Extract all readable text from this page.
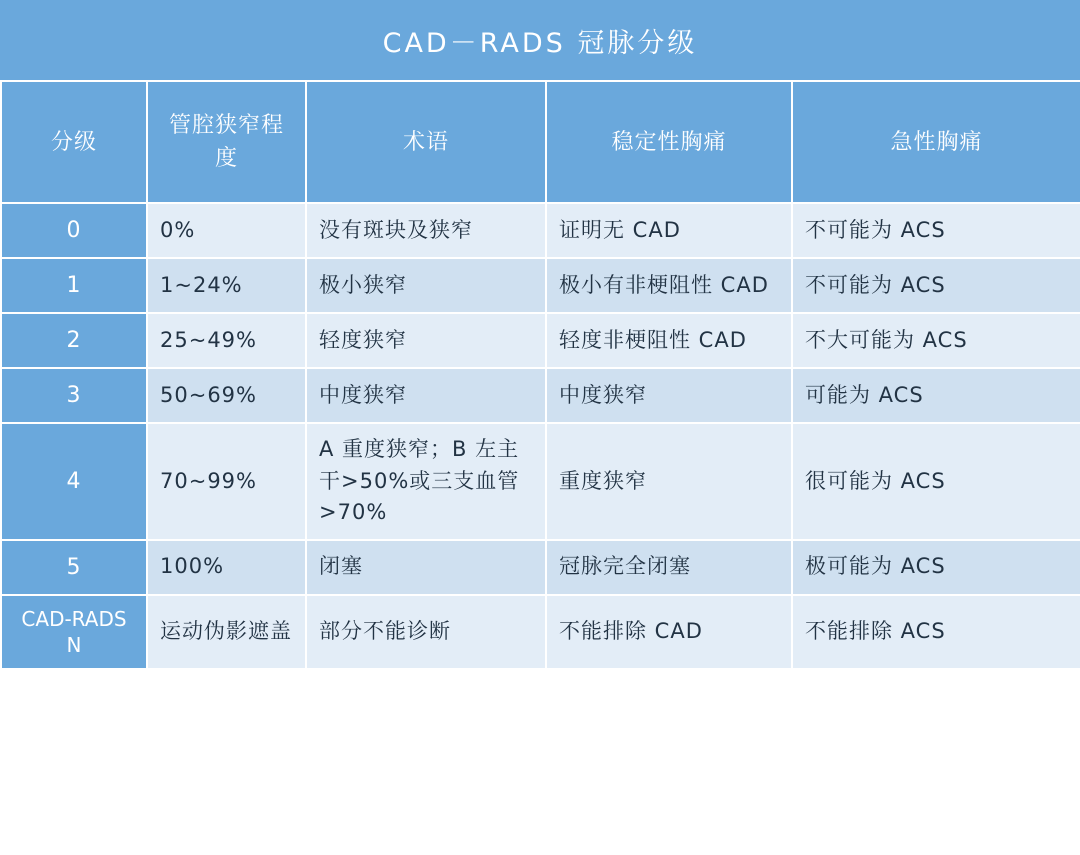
CAD－RADS 冠脉分级
分级	管腔狭窄程度	术语	稳定性胸痛	急性胸痛
0	0%	没有斑块及狭窄	证明无 CAD	不可能为 ACS
1	1~24%	极小狭窄	极小有非梗阻性 CAD	不可能为 ACS
2	25~49%	轻度狭窄	轻度非梗阻性 CAD	不大可能为 ACS
3	50~69%	中度狭窄	中度狭窄	可能为 ACS
4	70~99%	A 重度狭窄；B 左主干>50%或三支血管>70%	重度狭窄	很可能为 ACS
5	100%	闭塞	冠脉完全闭塞	极可能为 ACS
CAD-RADS N	运动伪影遮盖	部分不能诊断	不能排除 CAD	不能排除 ACS
